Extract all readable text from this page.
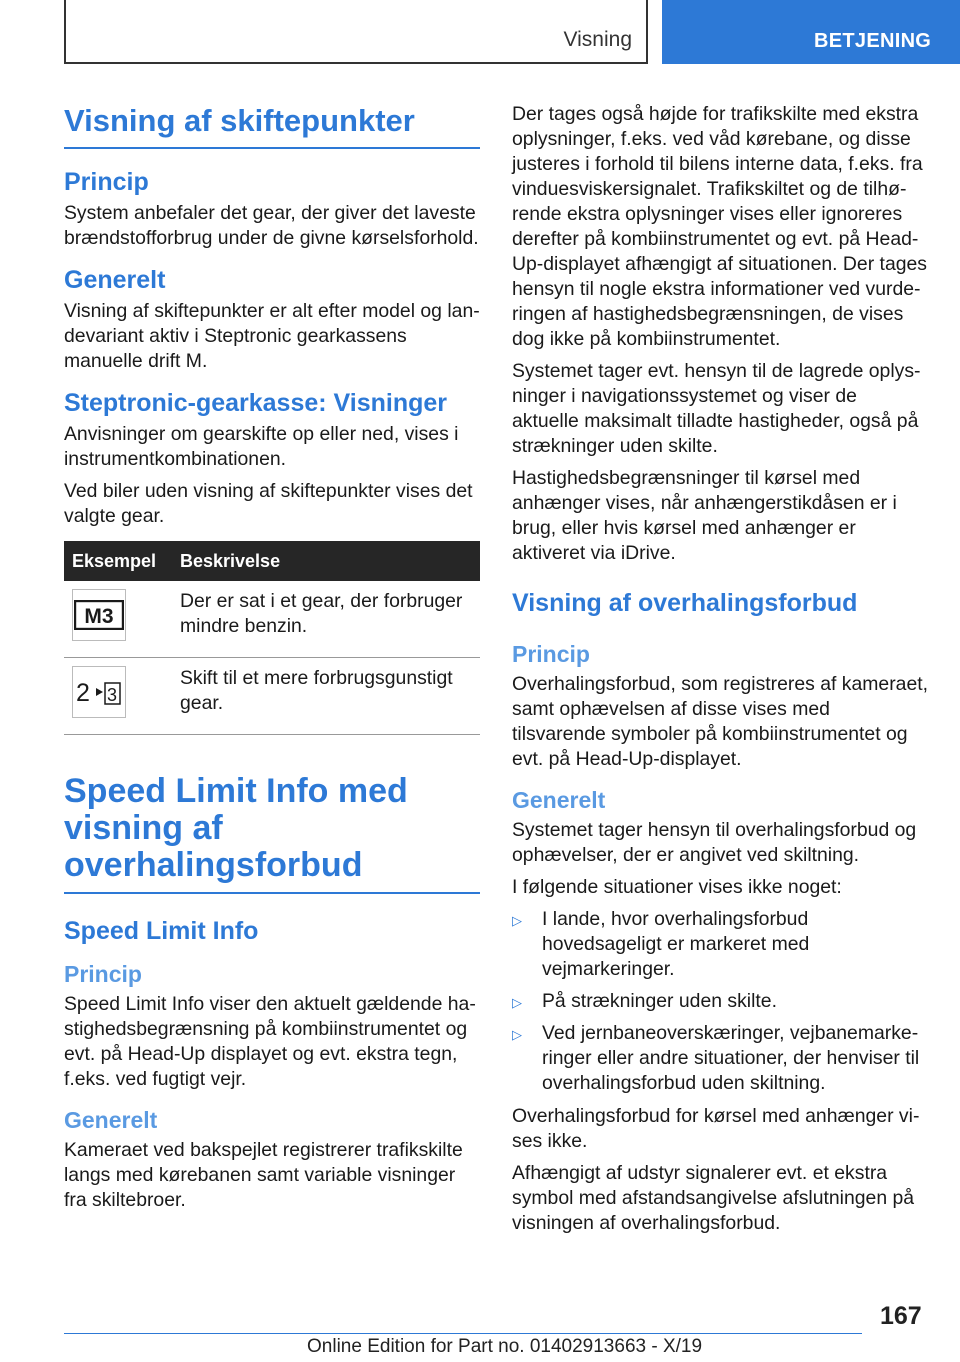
Visning	BETJENING
Visning af skiftepunkter
Princip

System anbefaler det gear, der giver det laveste brændstofforbrug under de givne kørselsforhold.

Generelt

Visning af skiftepunkter er alt efter model og landevariant aktiv i Steptronic gearkassens manuelle drift M.

Steptronic-gearkasse: Visninger

Anvisninger om gearskifte op eller ned, vises i instrumentkombinationen.

Ved biler uden visning af skiftepunkter vises det valgte gear.

Eksempel	Beskrivelse

M3	Der er sat i et gear, der forbruger mindre benzin.

2 3	Skift til et mere forbrugsgunstigt gear.
Speed Limit Info med visning af overhalingsforbud
Speed Limit Info
Princip

Speed Limit Info viser den aktuelt gældende hastighedsbegrænsning på kombiinstrumentet og evt. på Head-Up displayet og evt. ekstra tegn, f.eks. ved fugtigt vejr.

Generelt

Kameraet ved bakspejlet registrerer trafikskilte langs med kørebanen samt variable visninger fra skiltebroer.

Der tages også højde for trafikskilte med ekstra oplysninger, f.eks. ved våd kørebane, og disse justeres i forhold til bilens interne data, f.eks. fra vinduesviskersignalet. Trafikskiltet og de tilhørende ekstra oplysninger vises eller ignoreres derefter på kombiinstrumentet og evt. på Head-Up-displayet afhængigt af situationen. Der tages hensyn til nogle ekstra informationer ved vurderingen af hastighedsbegrænsningen, de vises dog ikke på kombiinstrumentet.

Systemet tager evt. hensyn til de lagrede oplysninger i navigationssystemet og viser de aktuelle maksimalt tilladte hastigheder, også på strækninger uden skilte.

Hastighedsbegrænsninger til kørsel med anhænger vises, når anhængerstikdåsen er i brug, eller hvis kørsel med anhænger er aktiveret via iDrive.

Visning af overhalingsforbud
Princip

Overhalingsforbud, som registreres af kameraet, samt ophævelsen af disse vises med tilsvarende symboler på kombiinstrumentet og evt. på Head-Up-displayet.

Generelt

Systemet tager hensyn til overhalingsforbud og ophævelser, der er angivet ved skiltning.

I følgende situationer vises ikke noget:

▷ I lande, hvor overhalingsforbud hovedsageligt er markeret med vejmarkeringer.
▷ På strækninger uden skilte.
▷ Ved jernbaneoverskæringer, vejbanemarkeringer eller andre situationer, der henviser til overhalingsforbud uden skiltning.

Overhalingsforbud for kørsel med anhænger vises ikke.

Afhængigt af udstyr signalerer evt. et ekstra symbol med afstandsangivelse afslutningen på visningen af overhalingsforbud.

167
Online Edition for Part no. 01402913663 - X/19
